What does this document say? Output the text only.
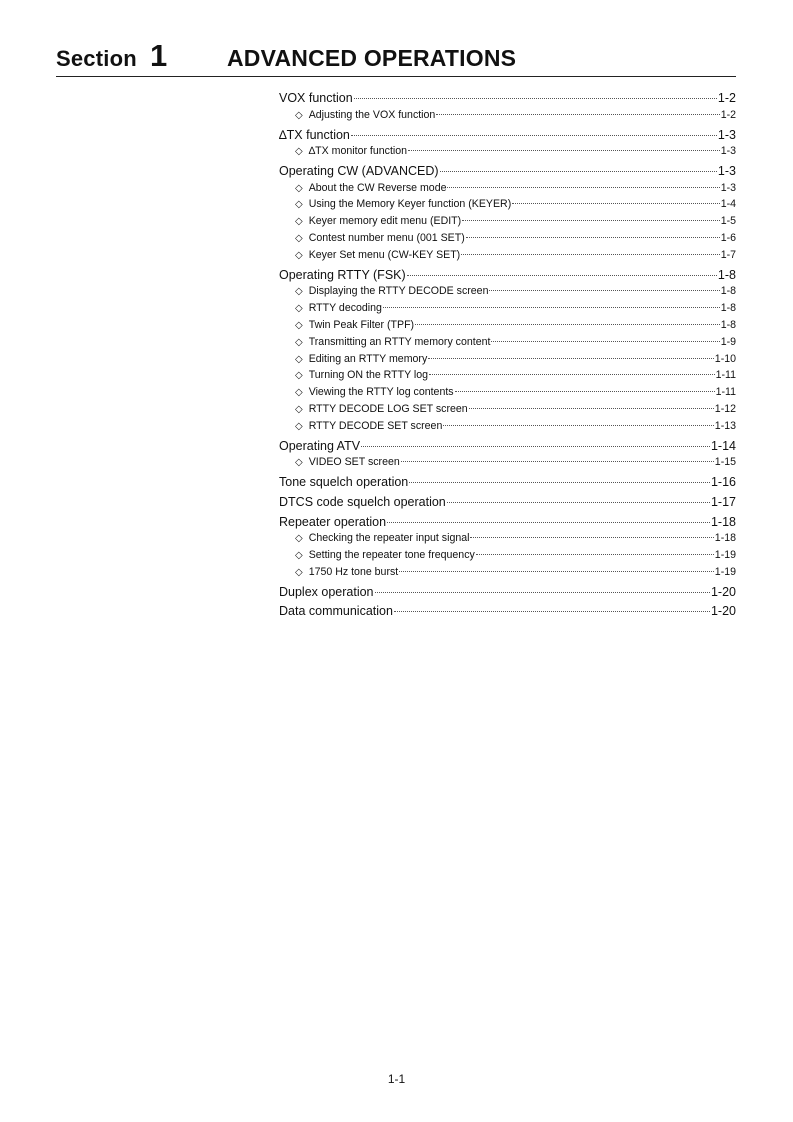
Section 1	ADVANCED OPERATIONS
VOX function	1-2
◇ Adjusting the VOX function	1-2
∆TX function	1-3
◇ ∆TX monitor function	1-3
Operating CW (ADVANCED)	1-3
◇ About the CW Reverse mode	1-3
◇ Using the Memory Keyer function (KEYER)	1-4
◇ Keyer memory edit menu (EDIT)	1-5
◇ Contest number menu (001 SET)	1-6
◇ Keyer Set menu (CW-KEY SET)	1-7
Operating RTTY (FSK)	1-8
◇ Displaying the RTTY DECODE screen	1-8
◇ RTTY decoding	1-8
◇ Twin Peak Filter (TPF)	1-8
◇ Transmitting an RTTY memory content	1-9
◇ Editing an RTTY memory	1-10
◇ Turning ON the RTTY log	1-11
◇ Viewing the RTTY log contents	1-11
◇ RTTY DECODE LOG SET screen	1-12
◇ RTTY DECODE SET screen	1-13
Operating ATV	1-14
◇ VIDEO SET screen	1-15
Tone squelch operation	1-16
DTCS code squelch operation	1-17
Repeater operation	1-18
◇ Checking the repeater input signal	1-18
◇ Setting the repeater tone frequency	1-19
◇ 1750 Hz tone burst	1-19
Duplex operation	1-20
Data communication	1-20
1-1
